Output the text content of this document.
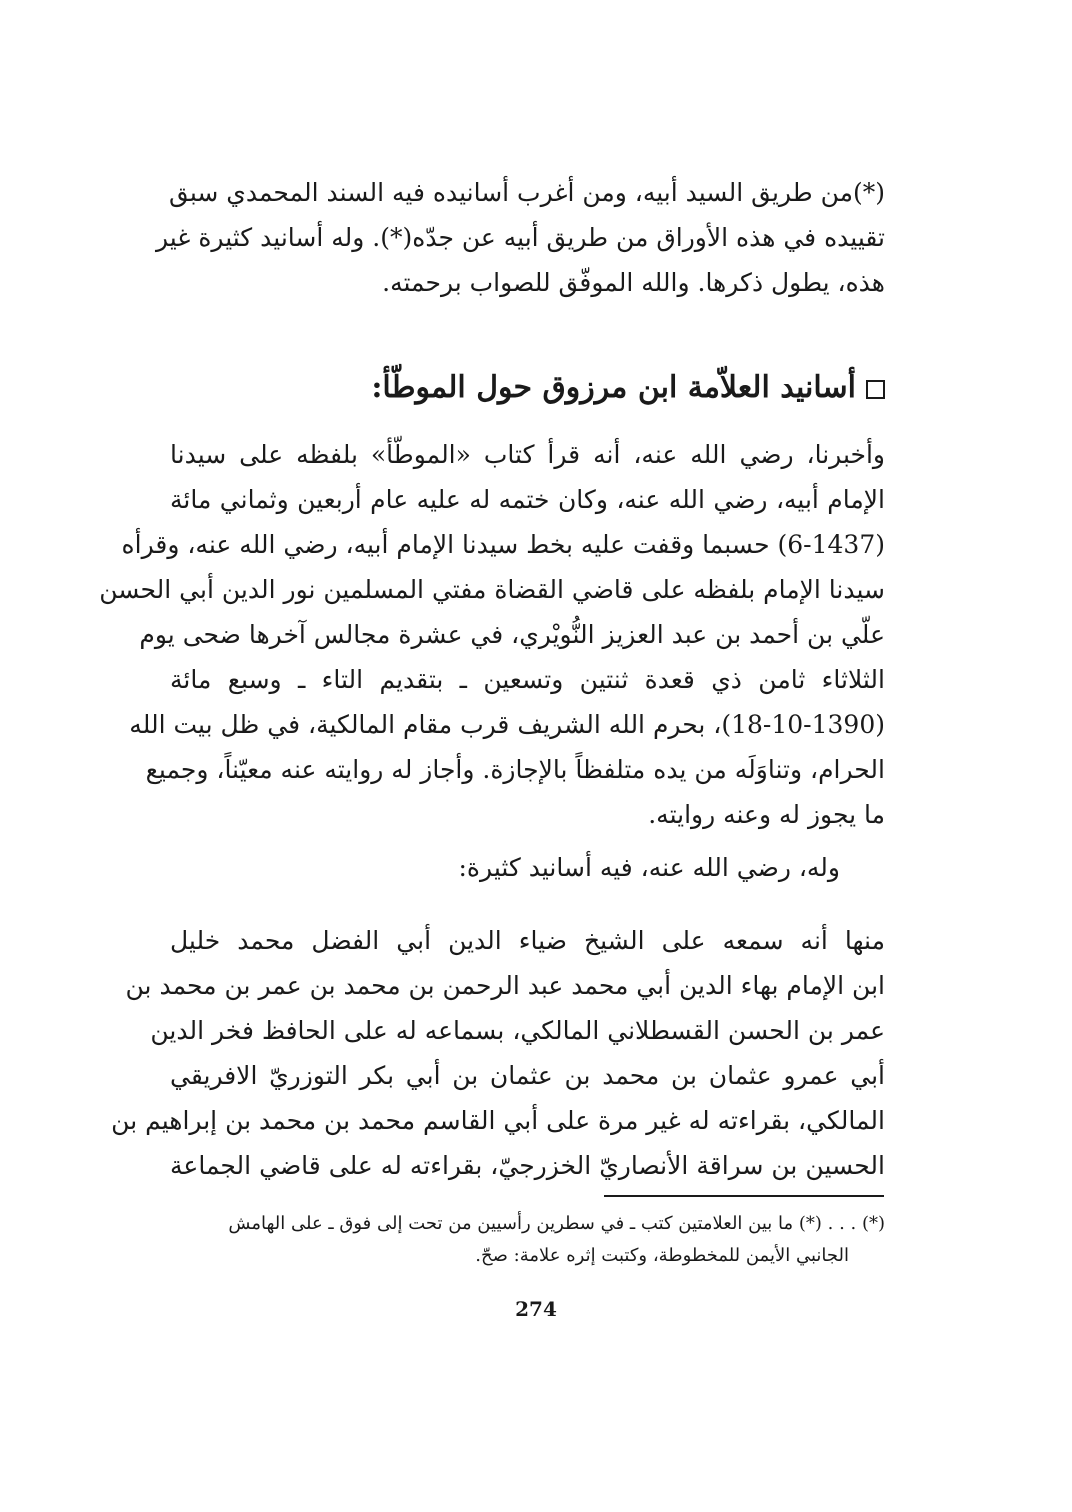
(*)من طريق السيد أبيه، ومن أغرب أسانيده فيه السند المحمدي سبق
تقييده في هذه الأوراق من طريق أبيه عن جدّه(*). وله أسانيد كثيرة غير
هذه، يطول ذكرها. والله الموفّق للصواب برحمته.
أسانيد العلاّمة ابن مرزوق حول الموطّأ:
وأخبرنا، رضي الله عنه، أنه قرأ كتاب «الموطّأ» بلفظه على سيدنا
الإمام أبيه، رضي الله عنه، وكان ختمه له عليه عام أربعين وثماني مائة
(6-1437) حسبما وقفت عليه بخط سيدنا الإمام أبيه، رضي الله عنه، وقرأه
سيدنا الإمام بلفظه على قاضي القضاة مفتي المسلمين نور الدين أبي الحسن
علّي بن أحمد بن عبد العزيز النُّويْري، في عشرة مجالس آخرها ضحى يوم
الثلاثاء ثامن ذي قعدة ثنتين وتسعين ـ بتقديم التاء ـ وسبع مائة
(18-10-1390)، بحرم الله الشريف قرب مقام المالكية، في ظل بيت الله
الحرام، وتناوَلَه من يده متلفظاً بالإجازة. وأجاز له روايته عنه معيّناً، وجميع
ما يجوز له وعنه روايته.
وله، رضي الله عنه، فيه أسانيد كثيرة:
منها أنه سمعه على الشيخ ضياء الدين أبي الفضل محمد خليل
ابن الإمام بهاء الدين أبي محمد عبد الرحمن بن محمد بن عمر بن محمد بن
عمر بن الحسن القسطلاني المالكي، بسماعه له على الحافظ فخر الدين
أبي عمرو عثمان بن محمد بن عثمان بن أبي بكر التوزريّ الافريقي
المالكي، بقراءته له غير مرة على أبي القاسم محمد بن محمد بن إبراهيم بن
الحسين بن سراقة الأنصاريّ الخزرجيّ، بقراءته له على قاضي الجماعة
(*) . . . (*) ما بين العلامتين كتب ـ في سطرين رأسيين من تحت إلى فوق ـ على الهامش
الجانبي الأيمن للمخطوطة، وكتبت إثره علامة: صحّ.
274
